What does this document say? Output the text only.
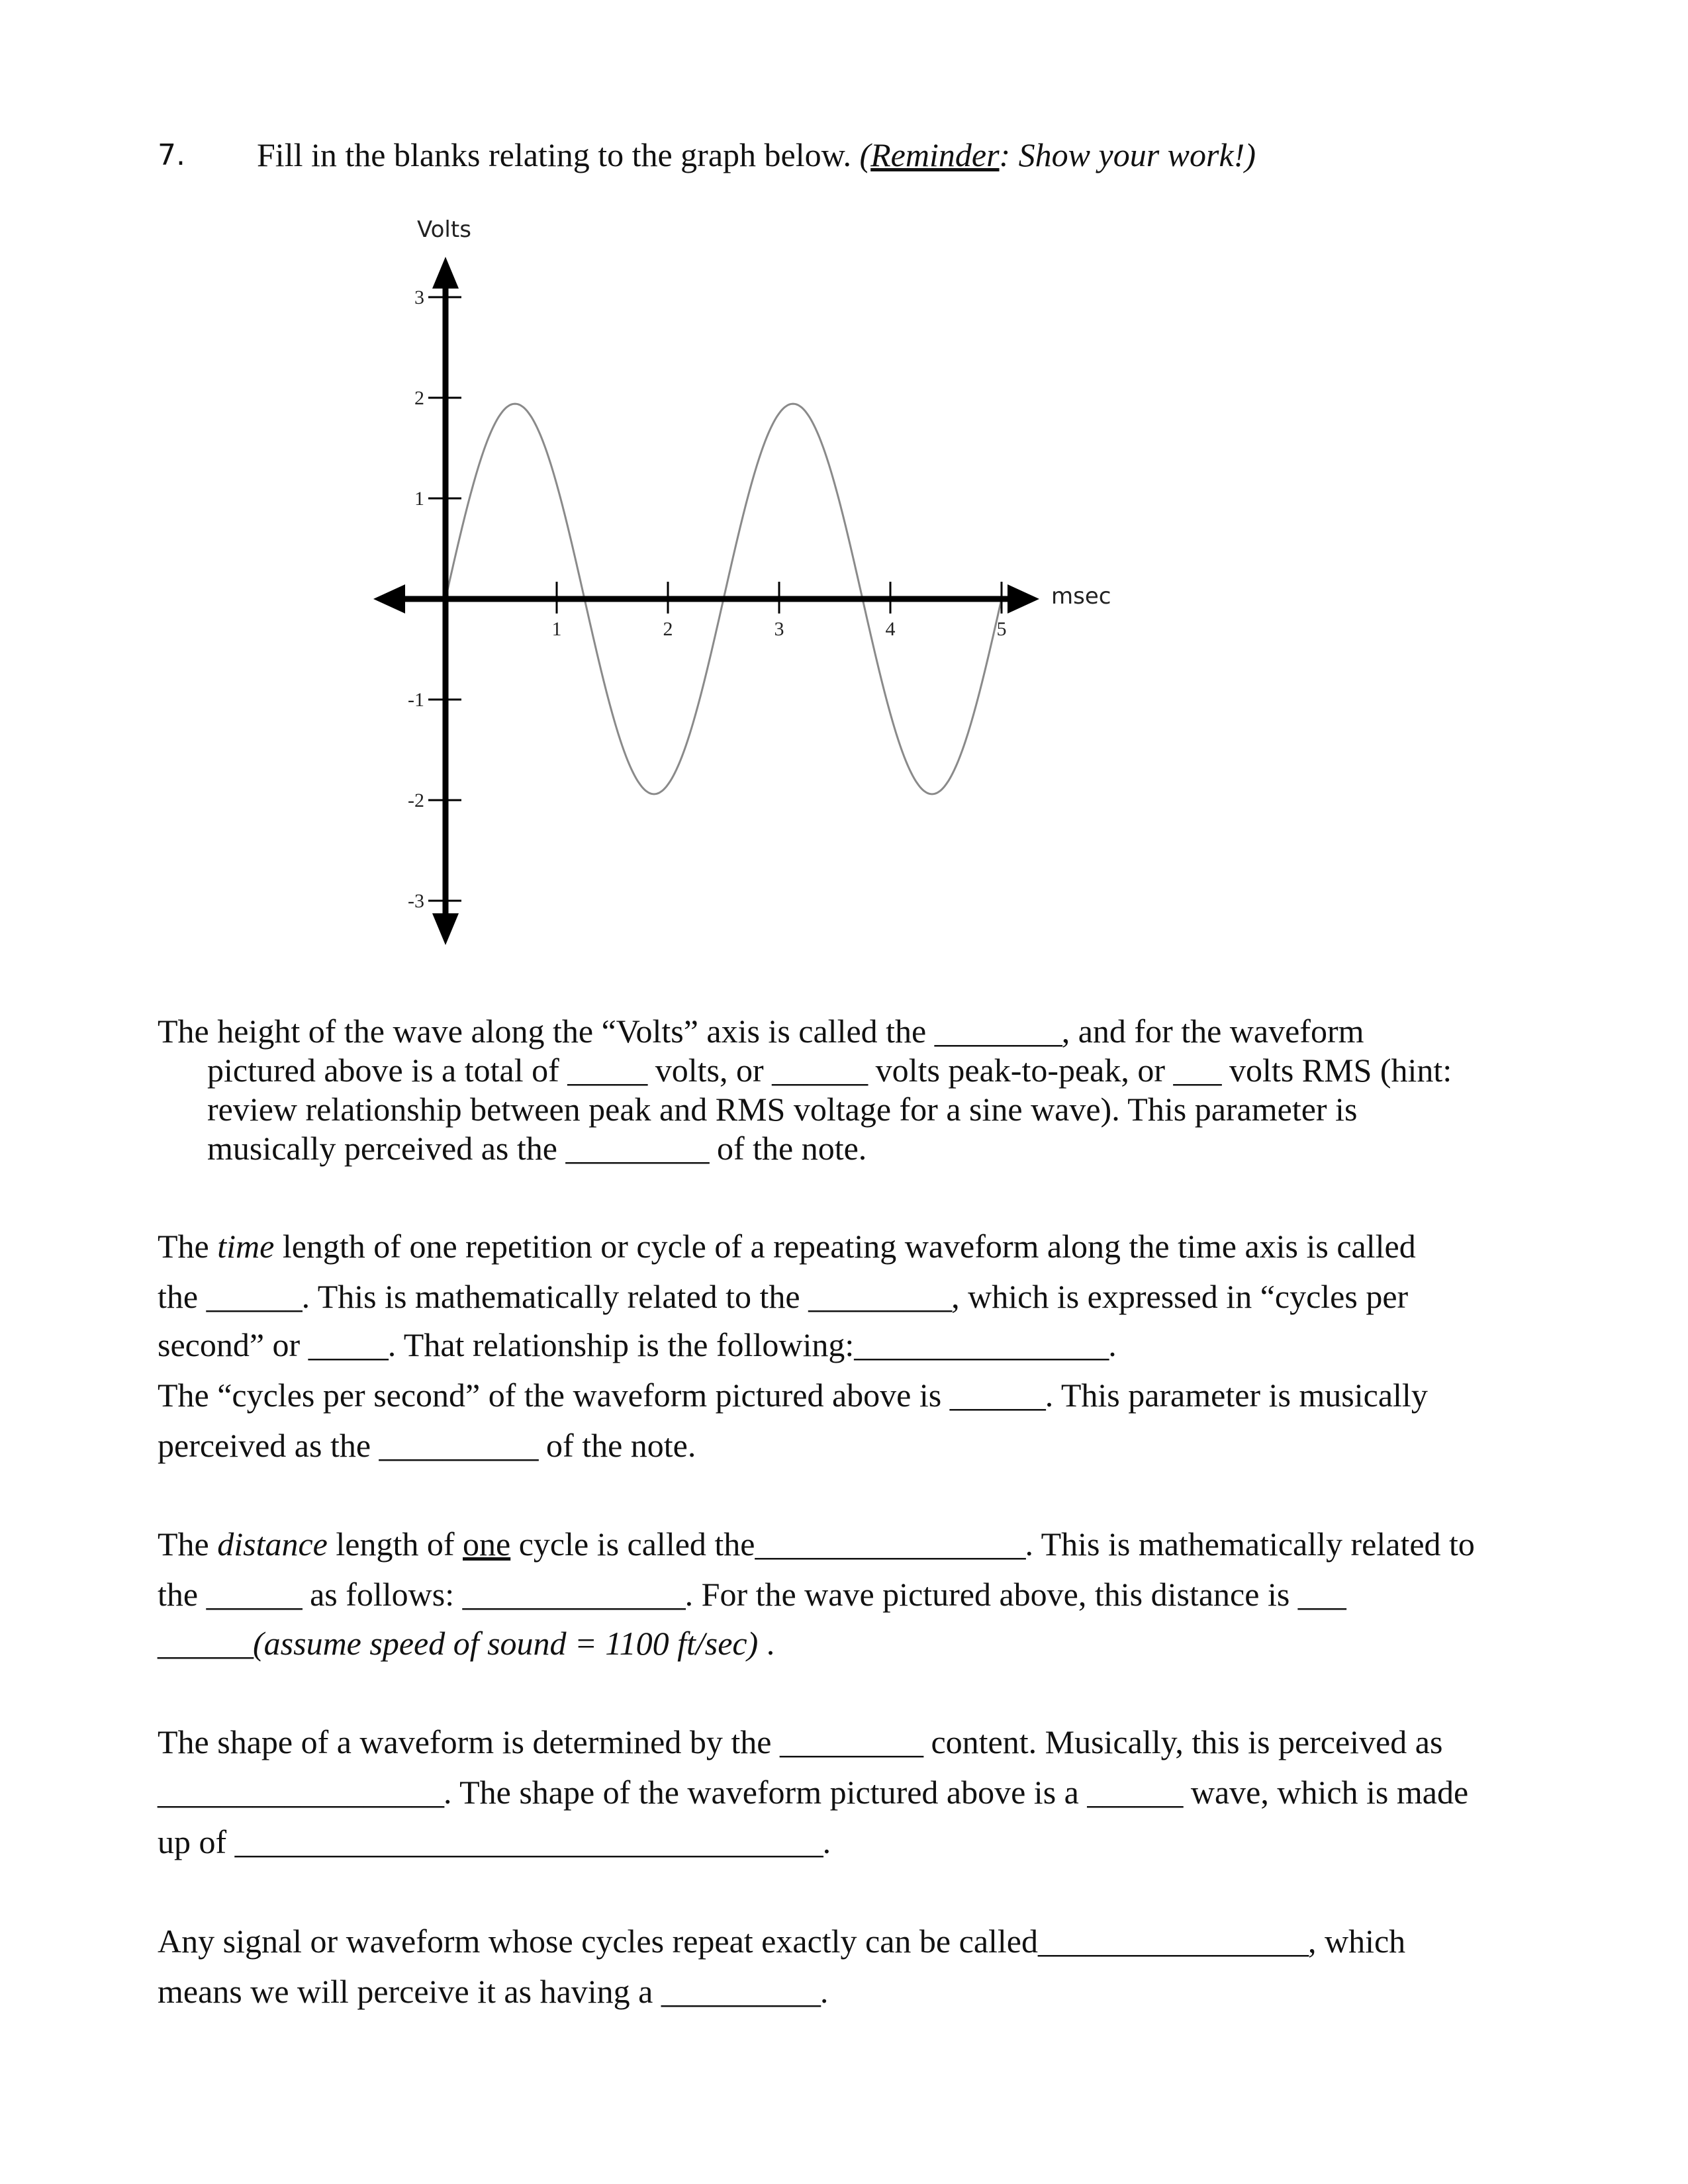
7. Fill in the blanks relating to the graph below. (Reminder: Show your work!)
3
2
1
-1
-2
-3
1	2	3	4	5
Volts
msec
The height of the wave along the “Volts” axis is called the ________, and for the waveform
pictured above is a total of _____ volts, or ______ volts peak-to-peak, or ___ volts RMS (hint:
review relationship between peak and RMS voltage for a sine wave). This parameter is
musically perceived as the _________ of the note.
The time length of one repetition or cycle of a repeating waveform along the time axis is called
the ______. This is mathematically related to the _________, which is expressed in “cycles per
second” or _____. That relationship is the following:________________.
The “cycles per second” of the waveform pictured above is ______. This parameter is musically
perceived as the __________ of the note.
The distance length of one cycle is called the_________________. This is mathematically related to
the ______ as follows: ______________. For the wave pictured above, this distance is ___
______(assume speed of sound = 1100 ft/sec) .
The shape of a waveform is determined by the _________ content. Musically, this is perceived as
__________________. The shape of the waveform pictured above is a ______ wave, which is made
up of _____________________________________.
Any signal or waveform whose cycles repeat exactly can be called_________________, which
means we will perceive it as having a __________.
